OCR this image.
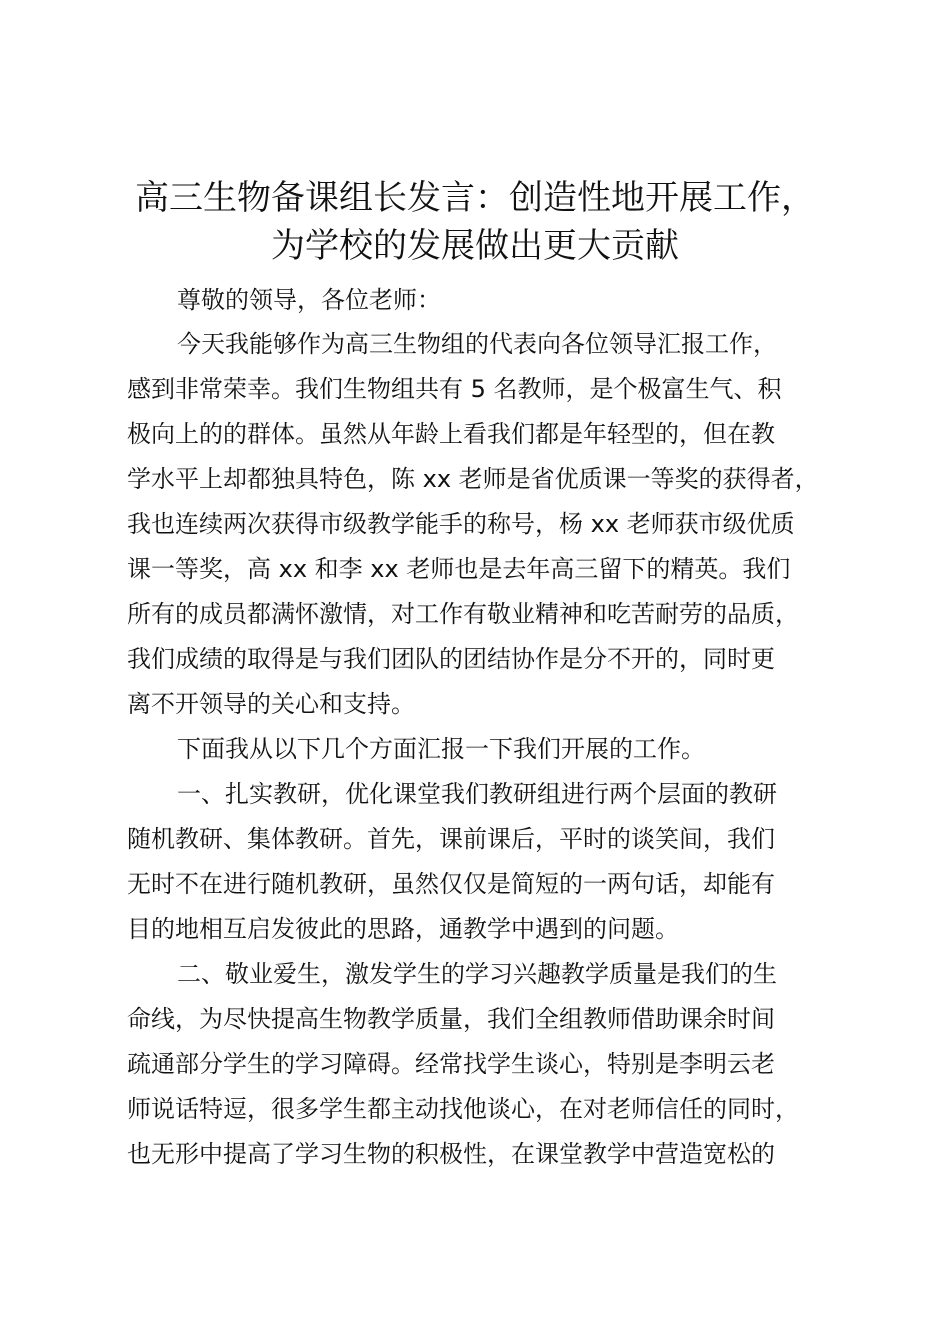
高三生物备课组长发言：创造性地开展工作，
为学校的发展做出更大贡献

尊敬的领导，各位老师：

今天我能够作为高三生物组的代表向各位领导汇报工作，

感到非常荣幸。我们生物组共有 5 名教师，是个极富生气、积

极向上的的群体。虽然从年龄上看我们都是年轻型的，但在教

学水平上却都独具特色，陈 xx 老师是省优质课一等奖的获得者，

我也连续两次获得市级教学能手的称号，杨 xx 老师获市级优质

课一等奖，高 xx 和李 xx 老师也是去年高三留下的精英。我们

所有的成员都满怀激情，对工作有敬业精神和吃苦耐劳的品质，

我们成绩的取得是与我们团队的团结协作是分不开的，同时更

离不开领导的关心和支持。

下面我从以下几个方面汇报一下我们开展的工作。

一、扎实教研，优化课堂我们教研组进行两个层面的教研

随机教研、集体教研。首先，课前课后，平时的谈笑间，我们

无时不在进行随机教研，虽然仅仅是简短的一两句话，却能有

目的地相互启发彼此的思路，通教学中遇到的问题。

二、敬业爱生，激发学生的学习兴趣教学质量是我们的生

命线，为尽快提高生物教学质量，我们全组教师借助课余时间

疏通部分学生的学习障碍。经常找学生谈心，特别是李明云老

师说话特逗，很多学生都主动找他谈心，在对老师信任的同时，

也无形中提高了学习生物的积极性，在课堂教学中营造宽松的
